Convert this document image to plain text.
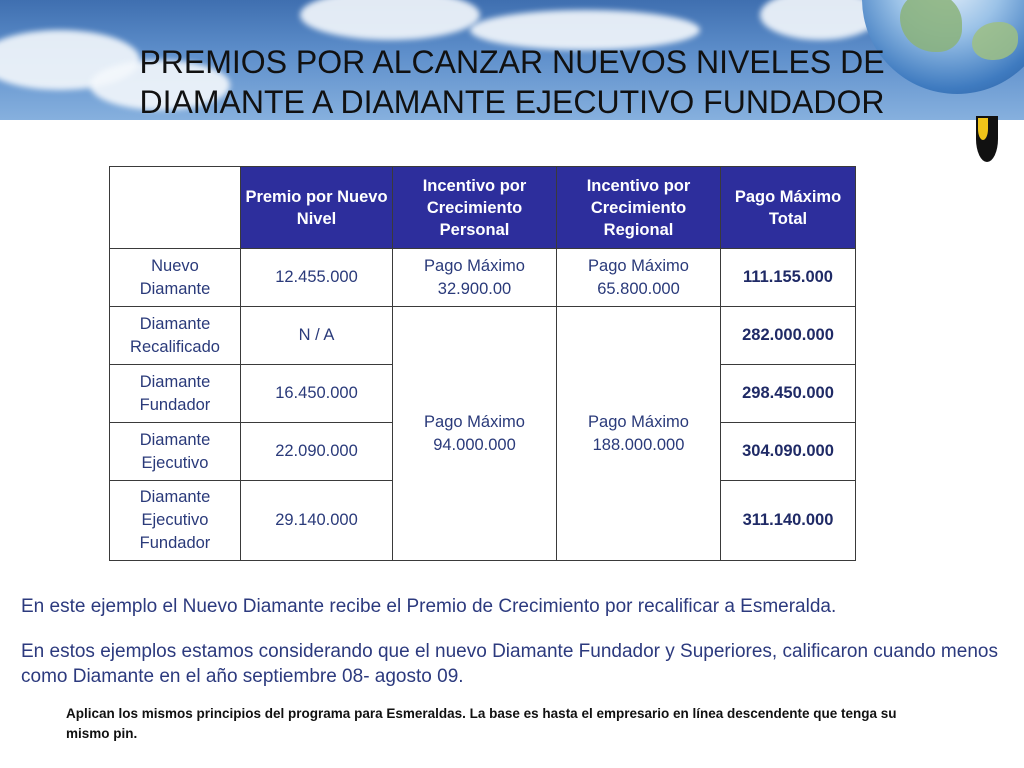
PREMIOS POR ALCANZAR NUEVOS NIVELES DE
DIAMANTE A DIAMANTE EJECUTIVO FUNDADOR
	Premio por Nuevo Nivel	Incentivo por Crecimiento Personal	Incentivo por Crecimiento Regional	Pago Máximo Total
Nuevo Diamante	12.455.000	Pago Máximo 32.900.00	Pago Máximo 65.800.000	111.155.000
Diamante Recalificado	N / A	Pago Máximo 94.000.000	Pago Máximo 188.000.000	282.000.000
Diamante Fundador	16.450.000			298.450.000
Diamante Ejecutivo	22.090.000			304.090.000
Diamante Ejecutivo Fundador	29.140.000			311.140.000
En este ejemplo el Nuevo Diamante recibe el Premio de Crecimiento por recalificar a Esmeralda.
En estos ejemplos estamos considerando que el nuevo Diamante Fundador y Superiores, calificaron cuando menos como Diamante en el año septiembre 08- agosto 09.
Aplican los mismos principios del programa para Esmeraldas. La base es hasta el empresario en línea descendente que tenga su mismo pin.
